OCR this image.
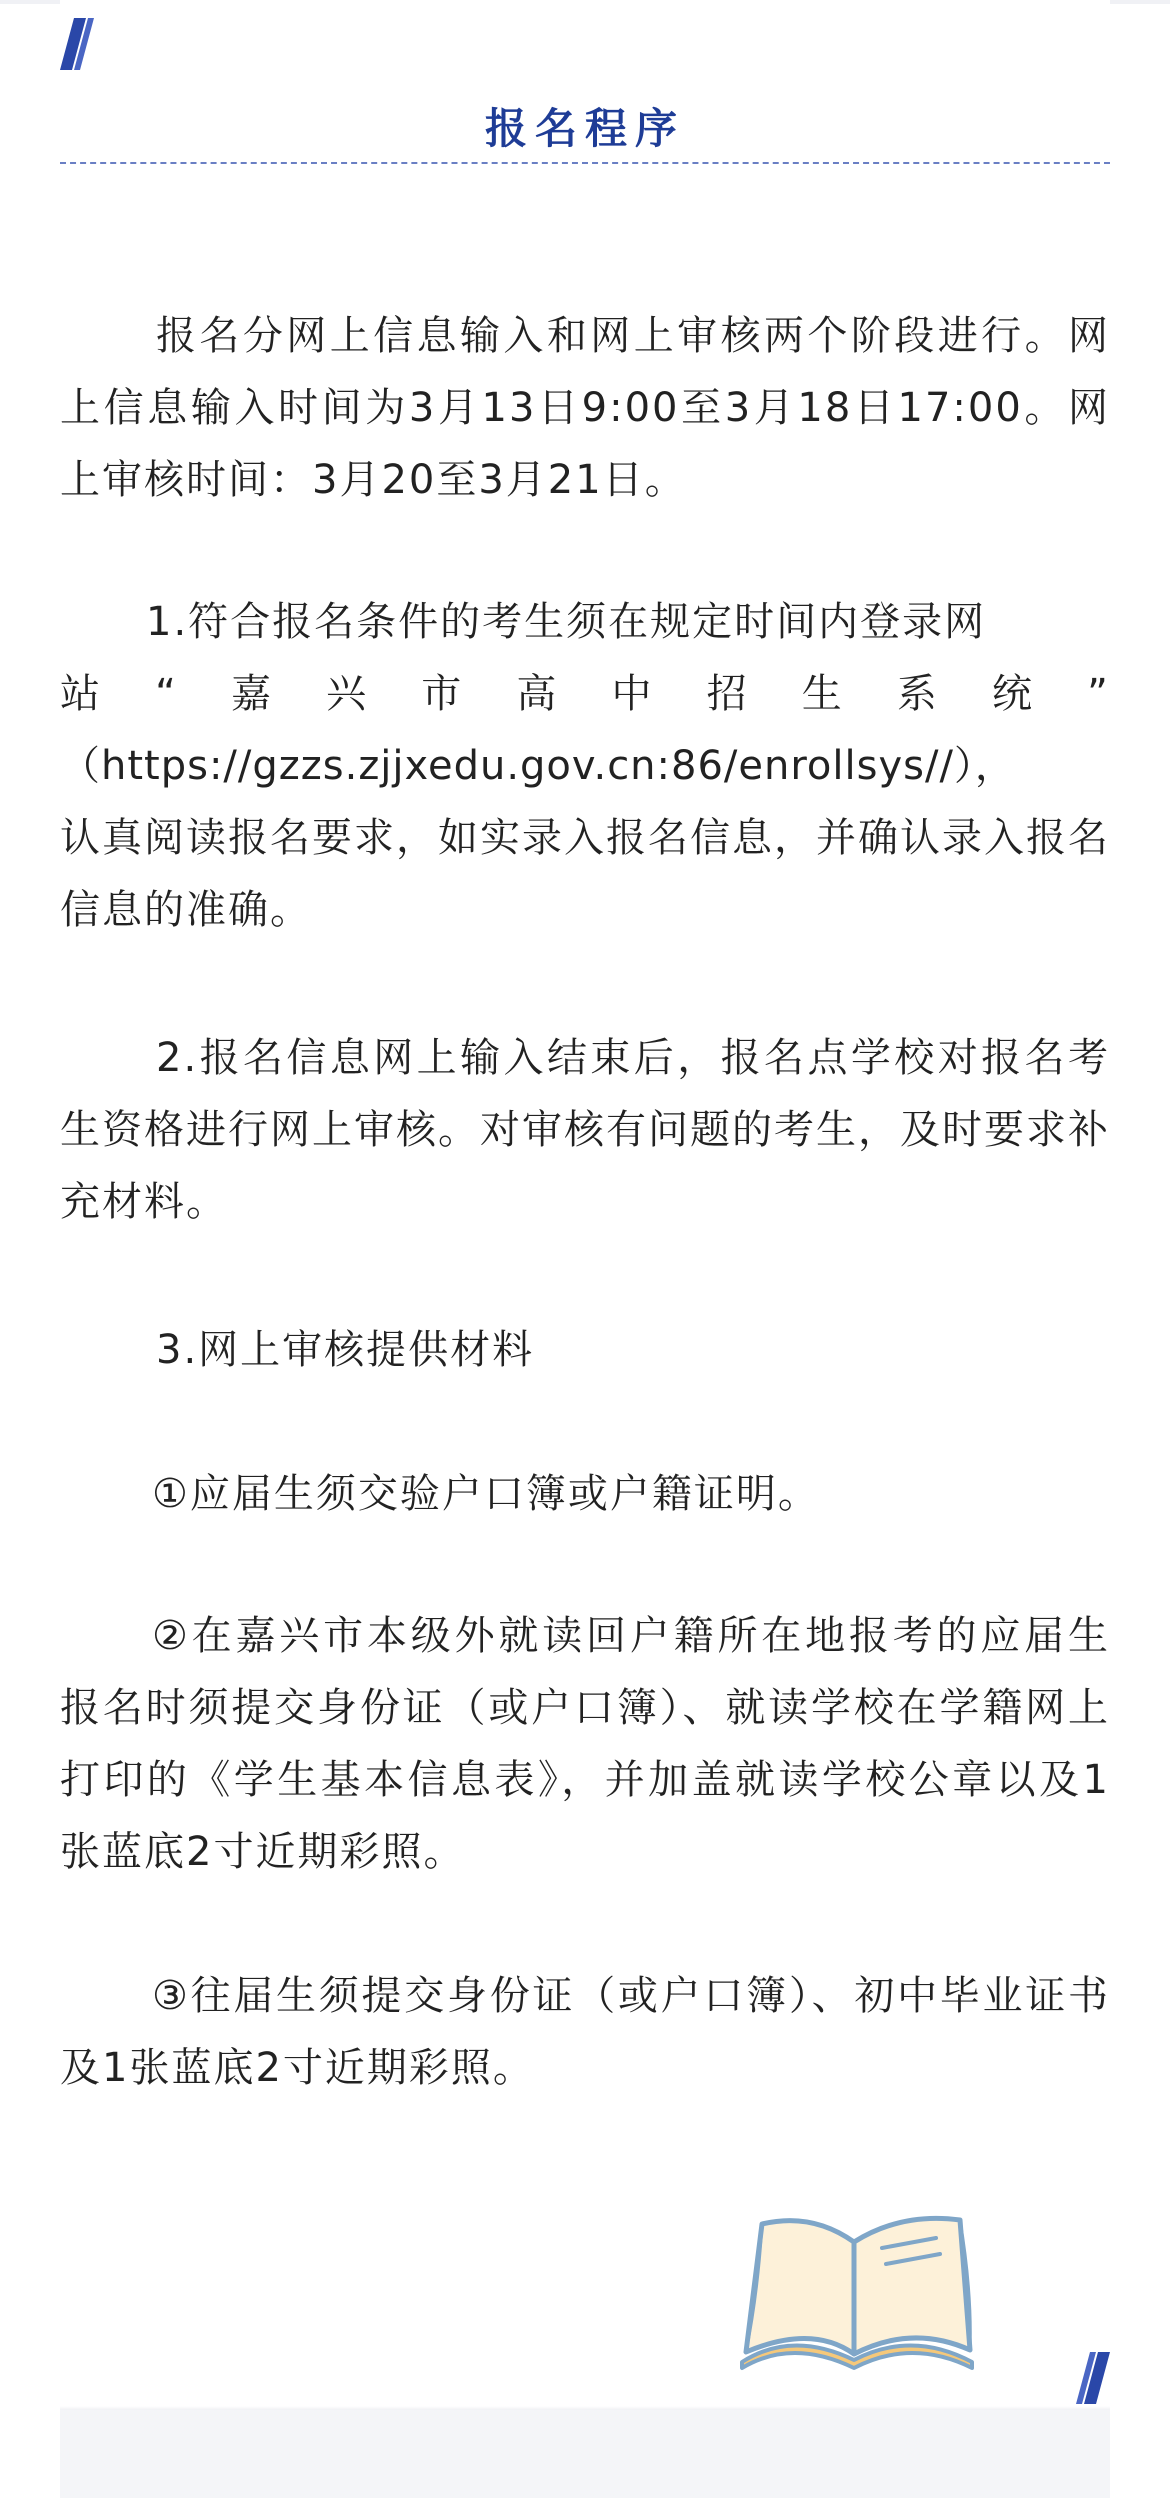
报名程序

报名分网上信息输入和网上审核两个阶段进行。网上信息输入时间为3月13日9:00至3月18日17:00。网上审核时间：3月20至3月21日。

1.符合报名条件的考生须在规定时间内登录网
站 “ 嘉 兴 市 高 中 招 生 系 统 ”
（https://gzzs.zjjxedu.gov.cn:86/enrollsys//），
认真阅读报名要求，如实录入报名信息，并确认录入报名信息的准确。

2.报名信息网上输入结束后，报名点学校对报名考生资格进行网上审核。对审核有问题的考生，及时要求补充材料。

3.网上审核提供材料

①应届生须交验户口簿或户籍证明。

②在嘉兴市本级外就读回户籍所在地报考的应届生报名时须提交身份证（或户口簿）、就读学校在学籍网上打印的《学生基本信息表》，并加盖就读学校公章以及1张蓝底2寸近期彩照。

③往届生须提交身份证（或户口簿）、初中毕业证书及1张蓝底2寸近期彩照。
